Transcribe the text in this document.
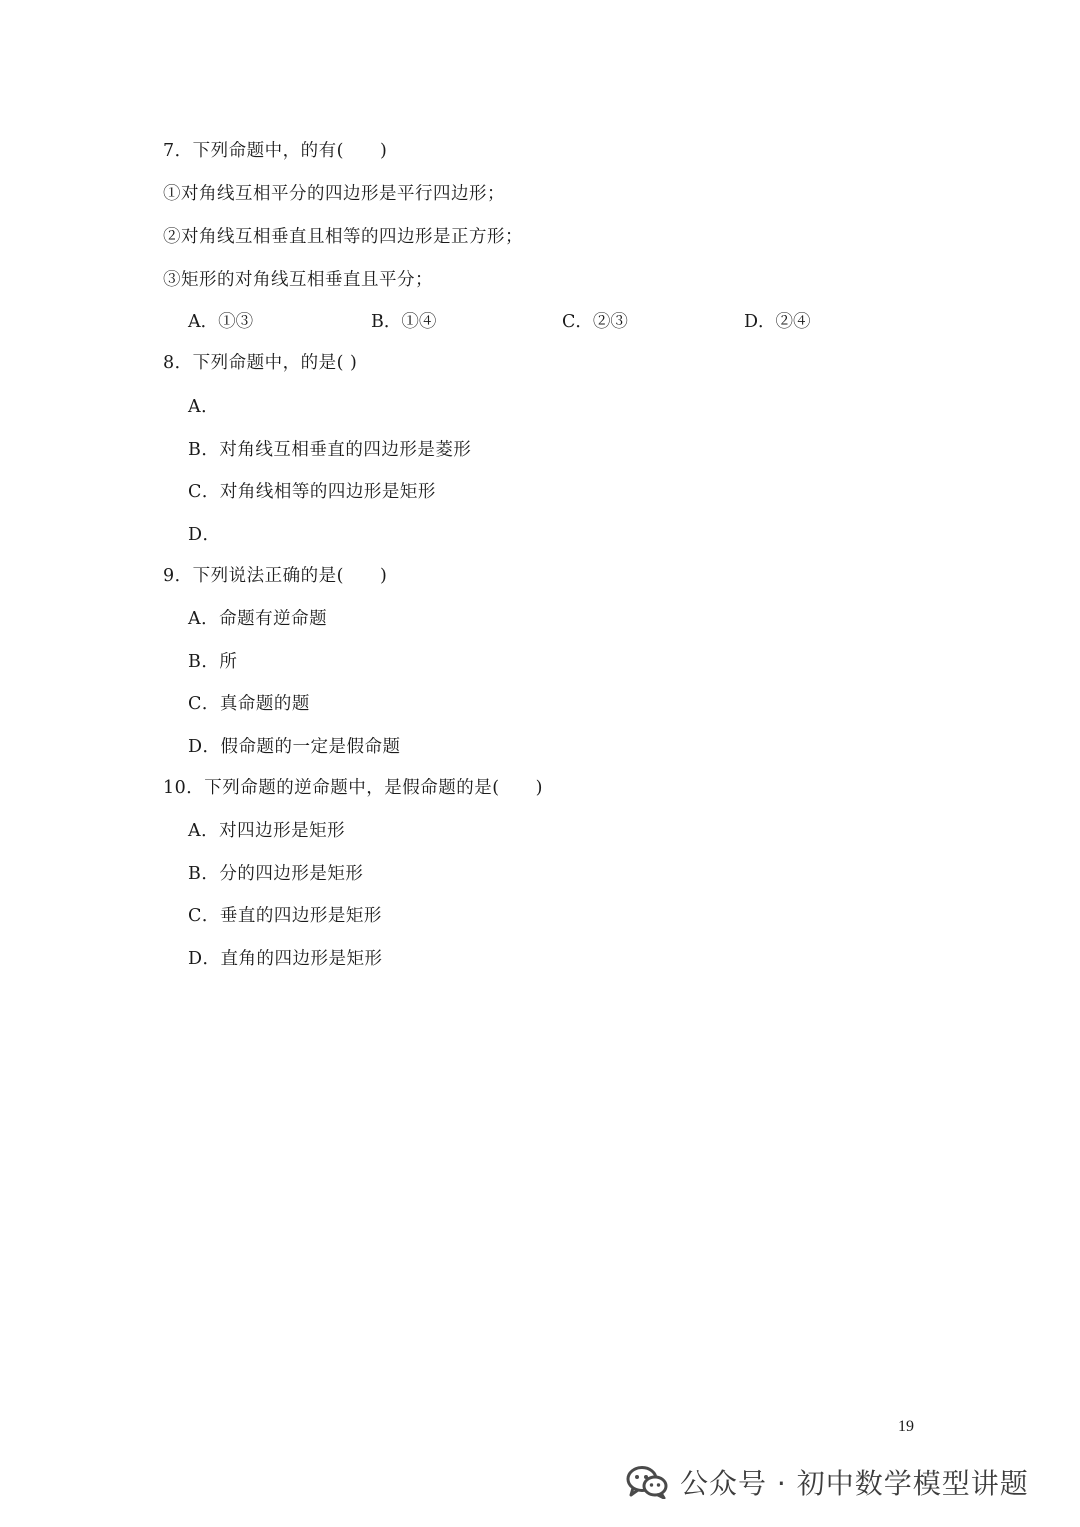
7．下列命题中，的有(　　)
①对角线互相平分的四边形是平行四边形；
②对角线互相垂直且相等的四边形是正方形；
③矩形的对角线互相垂直且平分；
A．①③	B．①④	C．②③	D．②④
8．下列命题中，的是( )
A．
B．对角线互相垂直的四边形是菱形
C．对角线相等的四边形是矩形
D．
9．下列说法正确的是(　　)
A．命题有逆命题
B．所
C．真命题的题
D．假命题的一定是假命题
10．下列命题的逆命题中，是假命题的是(　　)
A．对四边形是矩形
B．分的四边形是矩形
C．垂直的四边形是矩形
D．直角的四边形是矩形
19
公众号 · 初中数学模型讲题
